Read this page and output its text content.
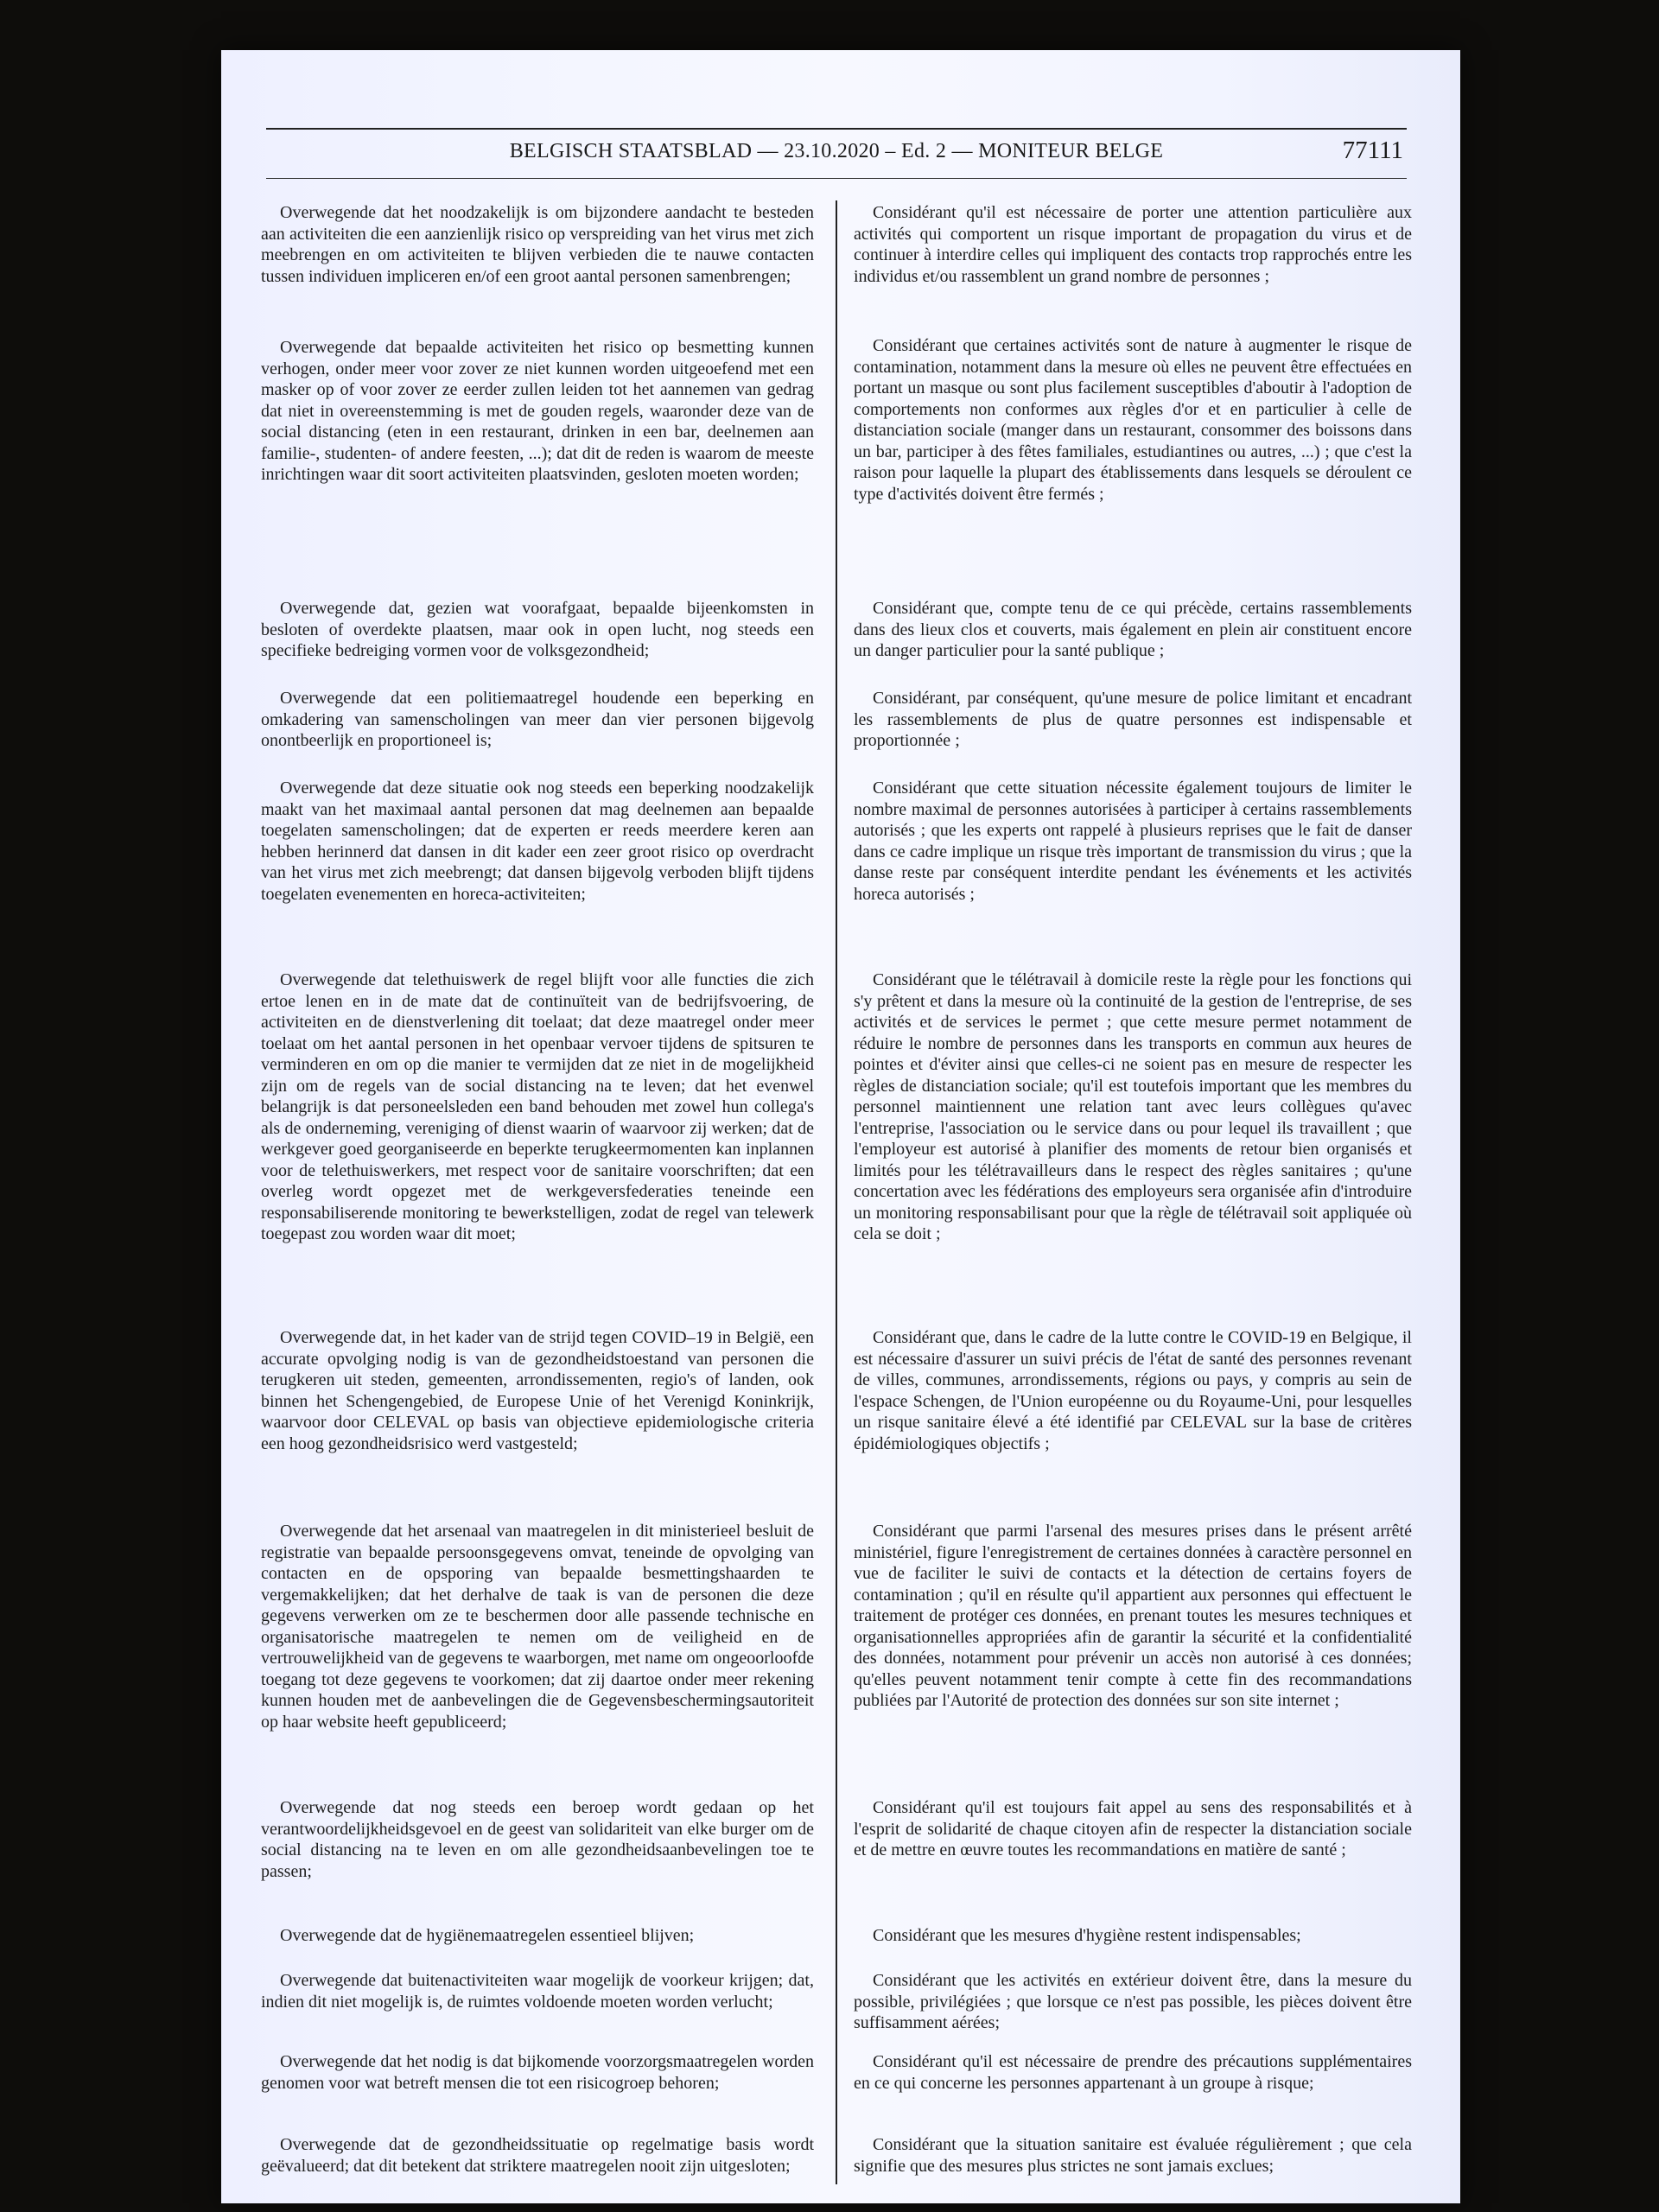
BELGISCH STAATSBLAD — 23.10.2020 – Ed. 2 — MONITEUR BELGE	77111

Overwegende dat het noodzakelijk is om bijzondere aandacht te besteden aan activiteiten die een aanzienlijk risico op verspreiding van het virus met zich meebrengen en om activiteiten te blijven verbieden die te nauwe contacten tussen individuen impliceren en/of een groot aantal personen samenbrengen;

Overwegende dat bepaalde activiteiten het risico op besmetting kunnen verhogen, onder meer voor zover ze niet kunnen worden uitgeoefend met een masker op of voor zover ze eerder zullen leiden tot het aannemen van gedrag dat niet in overeenstemming is met de gouden regels, waaronder deze van de social distancing (eten in een restaurant, drinken in een bar, deelnemen aan familie-, studenten- of andere feesten, ...); dat dit de reden is waarom de meeste inrichtingen waar dit soort activiteiten plaatsvinden, gesloten moeten worden;

Overwegende dat, gezien wat voorafgaat, bepaalde bijeenkomsten in besloten of overdekte plaatsen, maar ook in open lucht, nog steeds een specifieke bedreiging vormen voor de volksgezondheid;

Overwegende dat een politiemaatregel houdende een beperking en omkadering van samenscholingen van meer dan vier personen bijgevolg onontbeerlijk en proportioneel is;

Overwegende dat deze situatie ook nog steeds een beperking noodzakelijk maakt van het maximaal aantal personen dat mag deelnemen aan bepaalde toegelaten samenscholingen; dat de experten er reeds meerdere keren aan hebben herinnerd dat dansen in dit kader een zeer groot risico op overdracht van het virus met zich meebrengt; dat dansen bijgevolg verboden blijft tijdens toegelaten evenementen en horeca-activiteiten;

Overwegende dat telethuiswerk de regel blijft voor alle functies die zich ertoe lenen en in de mate dat de continuïteit van de bedrijfsvoering, de activiteiten en de dienstverlening dit toelaat; dat deze maatregel onder meer toelaat om het aantal personen in het openbaar vervoer tijdens de spitsuren te verminderen en om op die manier te vermijden dat ze niet in de mogelijkheid zijn om de regels van de social distancing na te leven; dat het evenwel belangrijk is dat personeelsleden een band behouden met zowel hun collega's als de onderneming, vereniging of dienst waarin of waarvoor zij werken; dat de werkgever goed georganiseerde en beperkte terugkeermomenten kan inplannen voor de telethuiswerkers, met respect voor de sanitaire voorschriften; dat een overleg wordt opgezet met de werkgeversfederaties teneinde een responsabiliserende monitoring te bewerkstelligen, zodat de regel van telewerk toegepast zou worden waar dit moet;

Overwegende dat, in het kader van de strijd tegen COVID–19 in België, een accurate opvolging nodig is van de gezondheidstoestand van personen die terugkeren uit steden, gemeenten, arrondissementen, regio's of landen, ook binnen het Schengengebied, de Europese Unie of het Verenigd Koninkrijk, waarvoor door CELEVAL op basis van objectieve epidemiologische criteria een hoog gezondheidsrisico werd vastgesteld;

Overwegende dat het arsenaal van maatregelen in dit ministerieel besluit de registratie van bepaalde persoonsgegevens omvat, teneinde de opvolging van contacten en de opsporing van bepaalde besmettingshaarden te vergemakkelijken; dat het derhalve de taak is van de personen die deze gegevens verwerken om ze te beschermen door alle passende technische en organisatorische maatregelen te nemen om de veiligheid en de vertrouwelijkheid van de gegevens te waarborgen, met name om ongeoorloofde toegang tot deze gegevens te voorkomen; dat zij daartoe onder meer rekening kunnen houden met de aanbevelingen die de Gegevensbeschermingsautoriteit op haar website heeft gepubliceerd;

Overwegende dat nog steeds een beroep wordt gedaan op het verantwoordelijkheidsgevoel en de geest van solidariteit van elke burger om de social distancing na te leven en om alle gezondheidsaanbevelingen toe te passen;

Overwegende dat de hygiënemaatregelen essentieel blijven;

Overwegende dat buitenactiviteiten waar mogelijk de voorkeur krijgen; dat, indien dit niet mogelijk is, de ruimtes voldoende moeten worden verlucht;

Overwegende dat het nodig is dat bijkomende voorzorgsmaatregelen worden genomen voor wat betreft mensen die tot een risicogroep behoren;

Overwegende dat de gezondheidssituatie op regelmatige basis wordt geëvalueerd; dat dit betekent dat striktere maatregelen nooit zijn uitgesloten;

Considérant qu'il est nécessaire de porter une attention particulière aux activités qui comportent un risque important de propagation du virus et de continuer à interdire celles qui impliquent des contacts trop rapprochés entre les individus et/ou rassemblent un grand nombre de personnes ;

Considérant que certaines activités sont de nature à augmenter le risque de contamination, notamment dans la mesure où elles ne peuvent être effectuées en portant un masque ou sont plus facilement susceptibles d'aboutir à l'adoption de comportements non conformes aux règles d'or et en particulier à celle de distanciation sociale (manger dans un restaurant, consommer des boissons dans un bar, participer à des fêtes familiales, estudiantines ou autres, ...) ; que c'est la raison pour laquelle la plupart des établissements dans lesquels se déroulent ce type d'activités doivent être fermés ;

Considérant que, compte tenu de ce qui précède, certains rassemblements dans des lieux clos et couverts, mais également en plein air constituent encore un danger particulier pour la santé publique ;

Considérant, par conséquent, qu'une mesure de police limitant et encadrant les rassemblements de plus de quatre personnes est indispensable et proportionnée ;

Considérant que cette situation nécessite également toujours de limiter le nombre maximal de personnes autorisées à participer à certains rassemblements autorisés ; que les experts ont rappelé à plusieurs reprises que le fait de danser dans ce cadre implique un risque très important de transmission du virus ; que la danse reste par conséquent interdite pendant les événements et les activités horeca autorisés ;

Considérant que le télétravail à domicile reste la règle pour les fonctions qui s'y prêtent et dans la mesure où la continuité de la gestion de l'entreprise, de ses activités et de services le permet ; que cette mesure permet notamment de réduire le nombre de personnes dans les transports en commun aux heures de pointes et d'éviter ainsi que celles-ci ne soient pas en mesure de respecter les règles de distanciation sociale; qu'il est toutefois important que les membres du personnel maintiennent une relation tant avec leurs collègues qu'avec l'entreprise, l'association ou le service dans ou pour lequel ils travaillent ; que l'employeur est autorisé à planifier des moments de retour bien organisés et limités pour les télétravailleurs dans le respect des règles sanitaires ; qu'une concertation avec les fédérations des employeurs sera organisée afin d'introduire un monitoring responsabilisant pour que la règle de télétravail soit appliquée où cela se doit ;

Considérant que, dans le cadre de la lutte contre le COVID-19 en Belgique, il est nécessaire d'assurer un suivi précis de l'état de santé des personnes revenant de villes, communes, arrondissements, régions ou pays, y compris au sein de l'espace Schengen, de l'Union européenne ou du Royaume-Uni, pour lesquelles un risque sanitaire élevé a été identifié par CELEVAL sur la base de critères épidémiologiques objectifs ;

Considérant que parmi l'arsenal des mesures prises dans le présent arrêté ministériel, figure l'enregistrement de certaines données à caractère personnel en vue de faciliter le suivi de contacts et la détection de certains foyers de contamination ; qu'il en résulte qu'il appartient aux personnes qui effectuent le traitement de protéger ces données, en prenant toutes les mesures techniques et organisationnelles appropriées afin de garantir la sécurité et la confidentialité des données, notamment pour prévenir un accès non autorisé à ces données; qu'elles peuvent notamment tenir compte à cette fin des recommandations publiées par l'Autorité de protection des données sur son site internet ;

Considérant qu'il est toujours fait appel au sens des responsabilités et à l'esprit de solidarité de chaque citoyen afin de respecter la distanciation sociale et de mettre en œuvre toutes les recommandations en matière de santé ;

Considérant que les mesures d'hygiène restent indispensables;

Considérant que les activités en extérieur doivent être, dans la mesure du possible, privilégiées ; que lorsque ce n'est pas possible, les pièces doivent être suffisamment aérées;

Considérant qu'il est nécessaire de prendre des précautions supplémentaires en ce qui concerne les personnes appartenant à un groupe à risque;

Considérant que la situation sanitaire est évaluée régulièrement ; que cela signifie que des mesures plus strictes ne sont jamais exclues;
